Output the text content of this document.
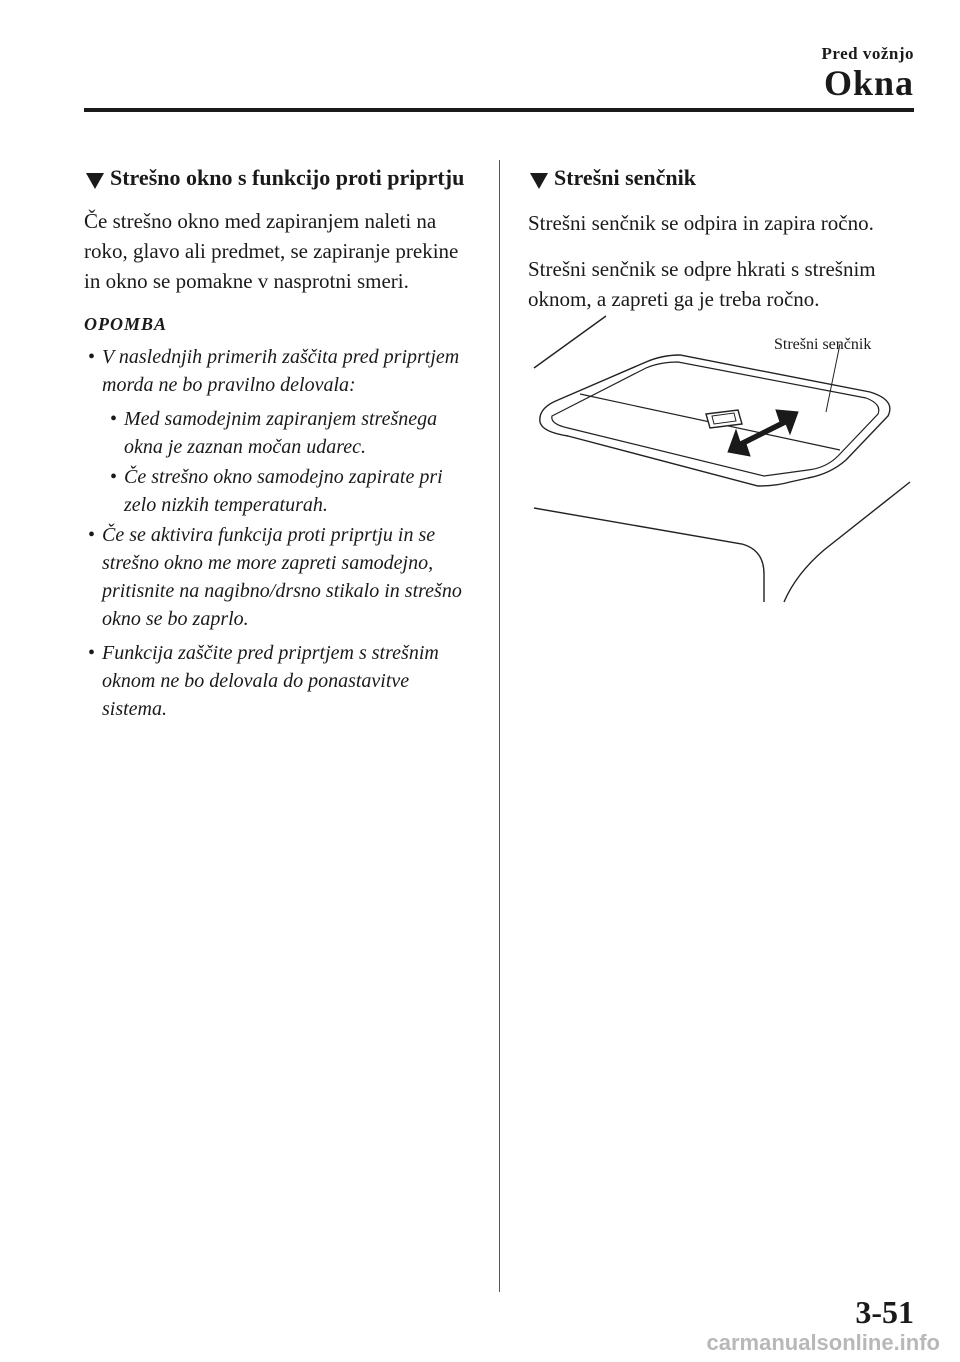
Pred vožnjo
Okna
Strešno okno s funkcijo proti priprtju
Če strešno okno med zapiranjem naleti na roko, glavo ali predmet, se zapiranje prekine in okno se pomakne v nasprotni smeri.
OPOMBA
• V naslednjih primerih zaščita pred priprtjem morda ne bo pravilno delovala:
• Med samodejnim zapiranjem strešnega okna je zaznan močan udarec.
• Če strešno okno samodejno zapirate pri zelo nizkih temperaturah.
• Če se aktivira funkcija proti priprtju in se strešno okno me more zapreti samodejno, pritisnite na nagibno/drsno stikalo in strešno okno se bo zaprlo.
• Funkcija zaščite pred priprtjem s strešnim oknom ne bo delovala do ponastavitve sistema.
Strešni senčnik
Strešni senčnik se odpira in zapira ročno.
Strešni senčnik se odpre hkrati s strešnim oknom, a zapreti ga je treba ročno.
Strešni senčnik
3-51
carmanualsonline.info
